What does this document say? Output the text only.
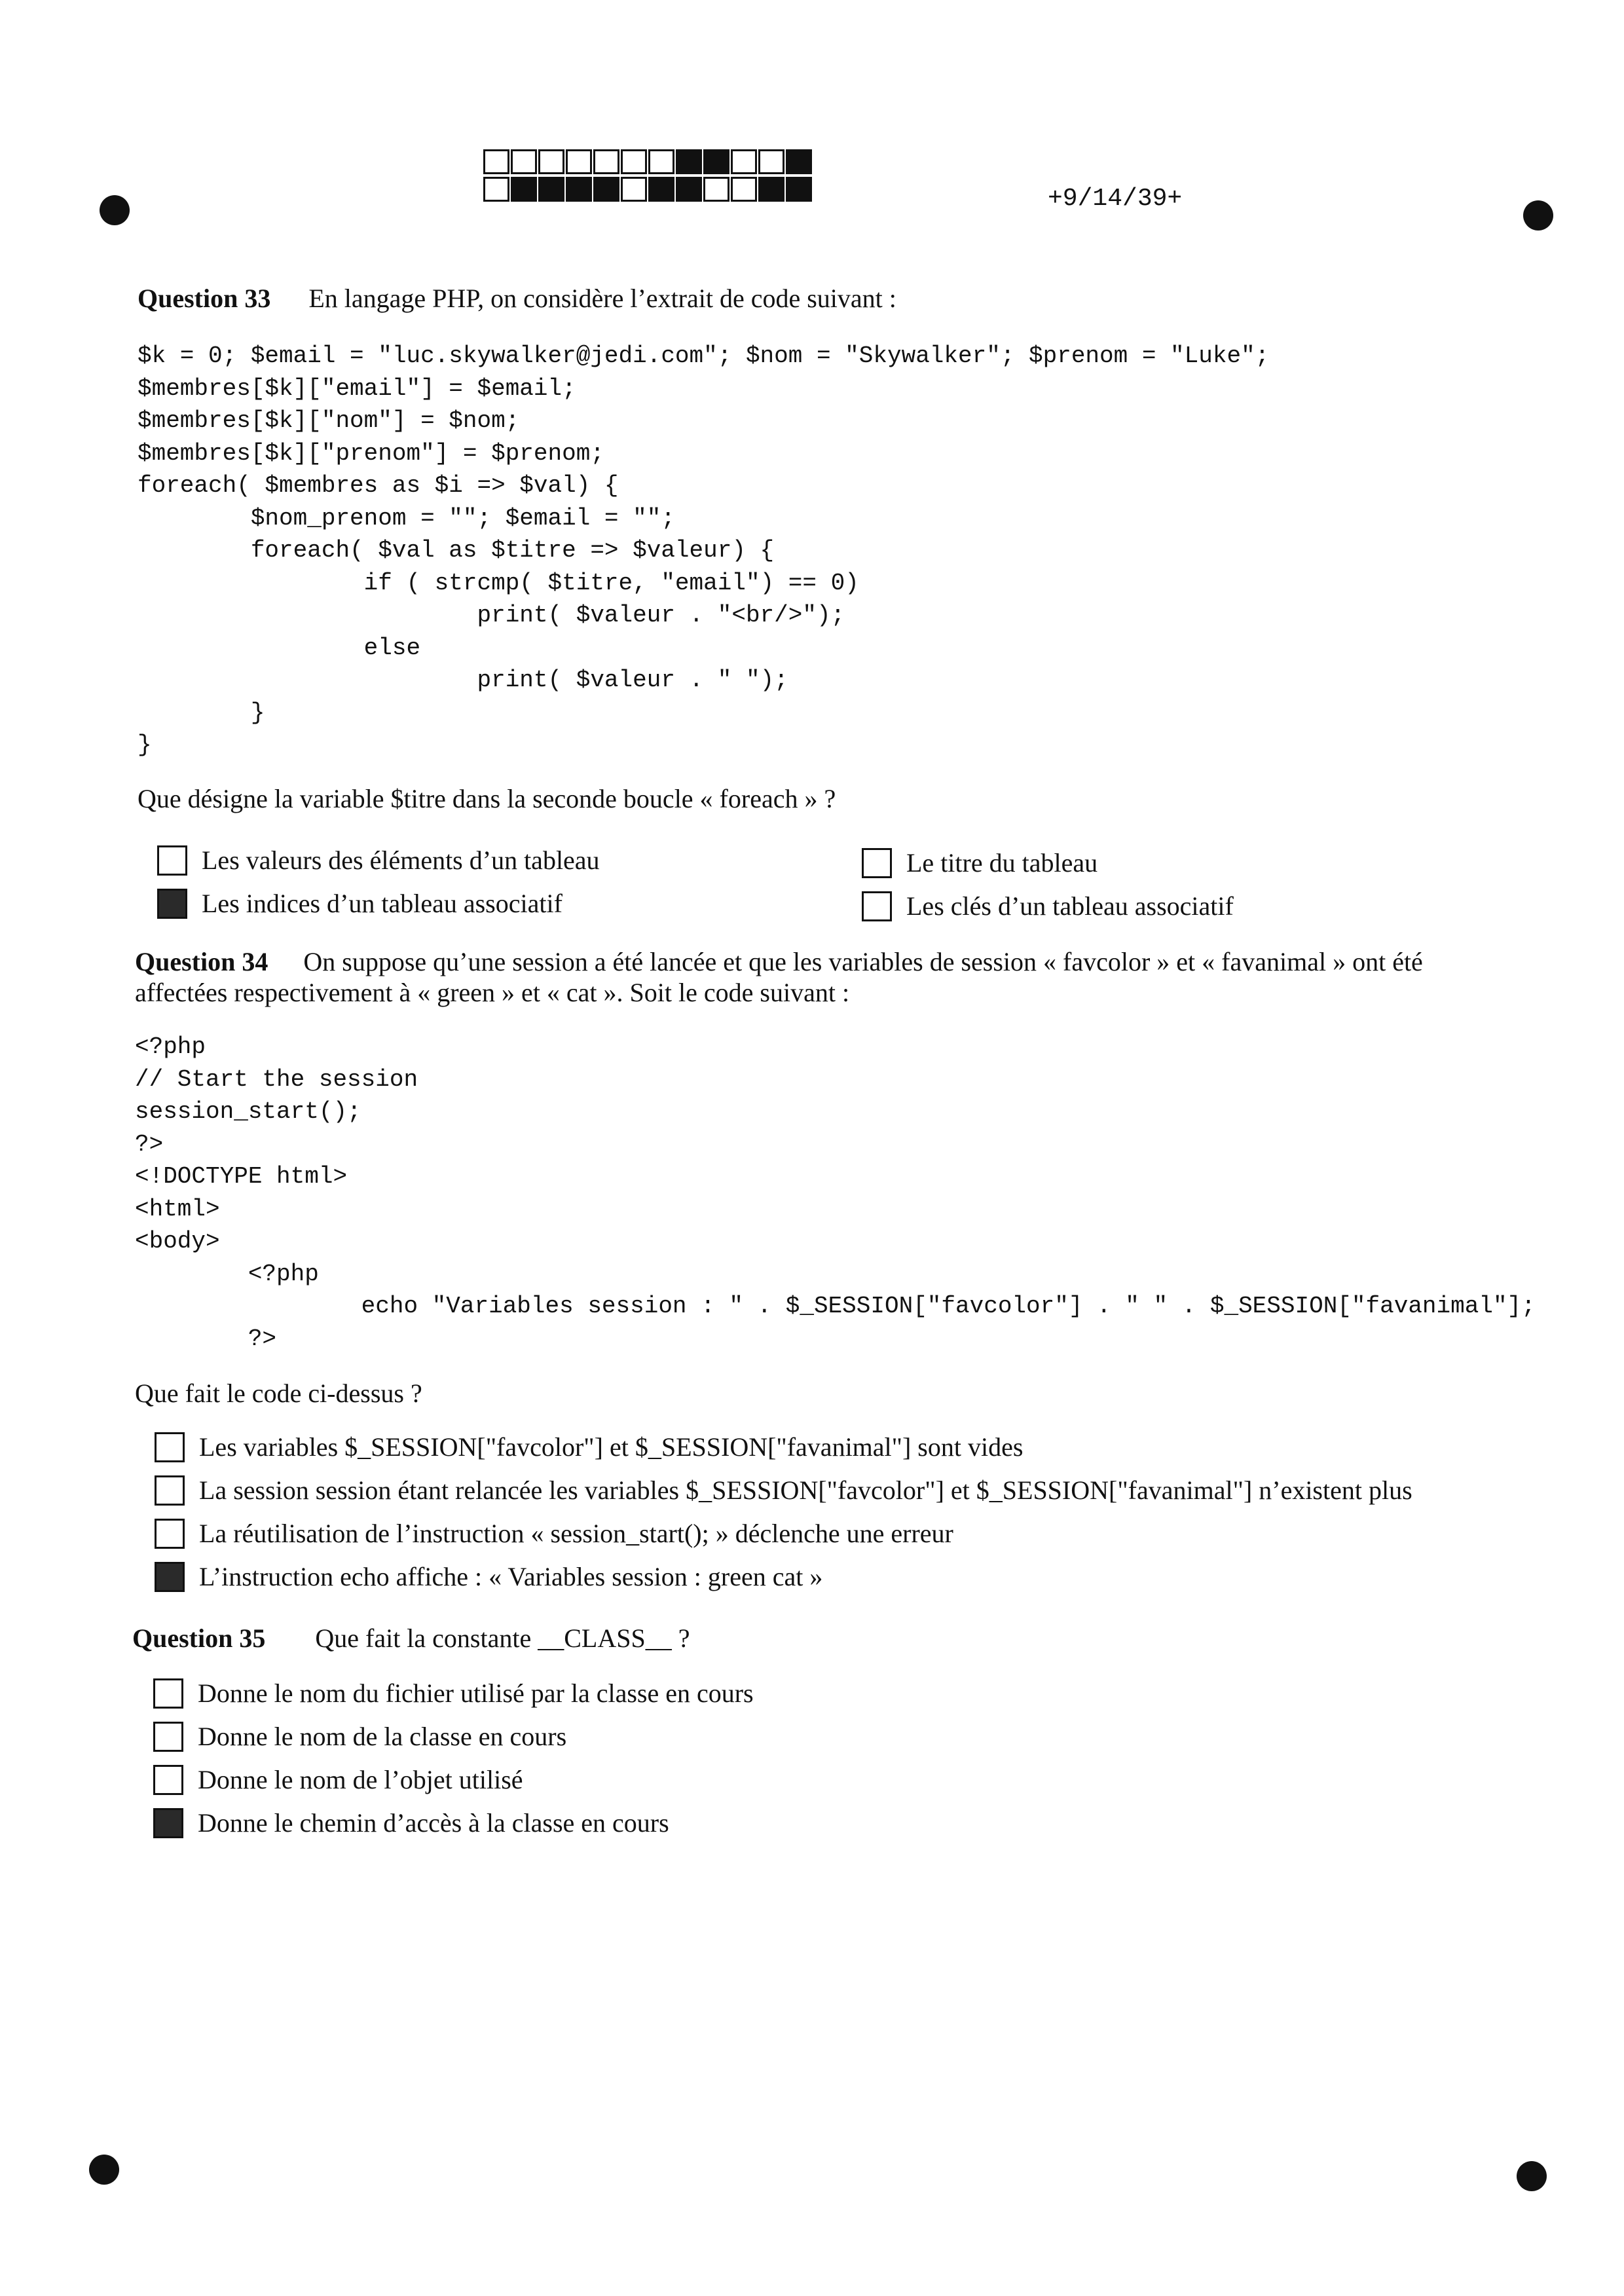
+9/14/39+
Question 33 En langage PHP, on considère l’extrait de code suivant :
$k = 0; $email = "luc.skywalker@jedi.com"; $nom = "Skywalker"; $prenom = "Luke";
$membres[$k]["email"] = $email;
$membres[$k]["nom"] = $nom;
$membres[$k]["prenom"] = $prenom;
foreach( $membres as $i => $val) {
$nom_prenom = ""; $email = "";
foreach( $val as $titre => $valeur) {
if ( strcmp( $titre, "email") == 0)
print( $valeur . "<br/>");
else
print( $valeur . " ");
}
}
Que désigne la variable $titre dans la seconde boucle « foreach » ?
Les valeurs des éléments d’un tableau
Les indices d’un tableau associatif
Le titre du tableau
Les clés d’un tableau associatif
Question 34 On suppose qu’une session a été lancée et que les variables de session « favcolor » et « favanimal » ont été
affectées respectivement à « green » et « cat ». Soit le code suivant :
<?php
// Start the session
session_start();
?>
<!DOCTYPE html>
<html>
<body>
<?php
echo "Variables session : " . $_SESSION["favcolor"] . " " . $_SESSION["favanimal"];
?>
Que fait le code ci-dessus ?
Les variables $_SESSION["favcolor"] et $_SESSION["favanimal"] sont vides
La session session étant relancée les variables $_SESSION["favcolor"] et $_SESSION["favanimal"] n’existent plus
La réutilisation de l’instruction « session_start(); » déclenche une erreur
L’instruction echo affiche : « Variables session : green cat »
Question 35 Que fait la constante __CLASS__ ?
Donne le nom du fichier utilisé par la classe en cours
Donne le nom de la classe en cours
Donne le nom de l’objet utilisé
Donne le chemin d’accès à la classe en cours
